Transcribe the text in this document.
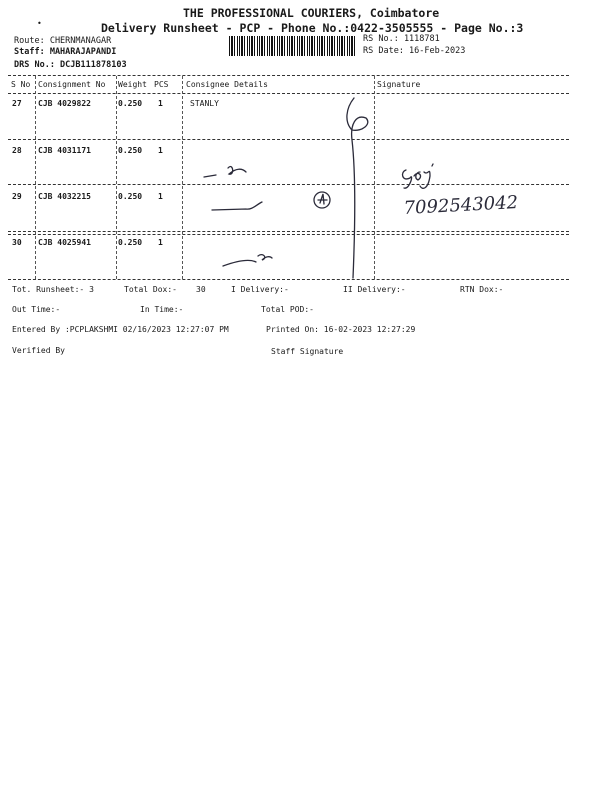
•
THE PROFESSIONAL COURIERS, Coimbatore
Delivery Runsheet - PCP - Phone No.:0422-3505555 - Page No.:3
Route: CHERNMANAGAR
Staff: MAHARAJAPANDI
DRS No.: DCJB111878103
RS No.: 1118781
RS Date: 16-Feb-2023
S No Consignment No Weight PCS Consignee Details	Signature
27 CJB 4029822	0.250 1	STANLY
28 CJB 4031171	0.250 1
29 CJB 4032215	0.250 1
30 CJB 4025941	0.250 1
7092543042
Tot. Runsheet:- 3	Total Dox:- 30	I Delivery:-	II Delivery:-	RTN Dox:-
Out Time:-	In Time:-	Total POD:-
Entered By :PCPLAKSHMI 02/16/2023 12:27:07 PM	Printed On: 16-02-2023 12:27:29
Verified By	Staff Signature
